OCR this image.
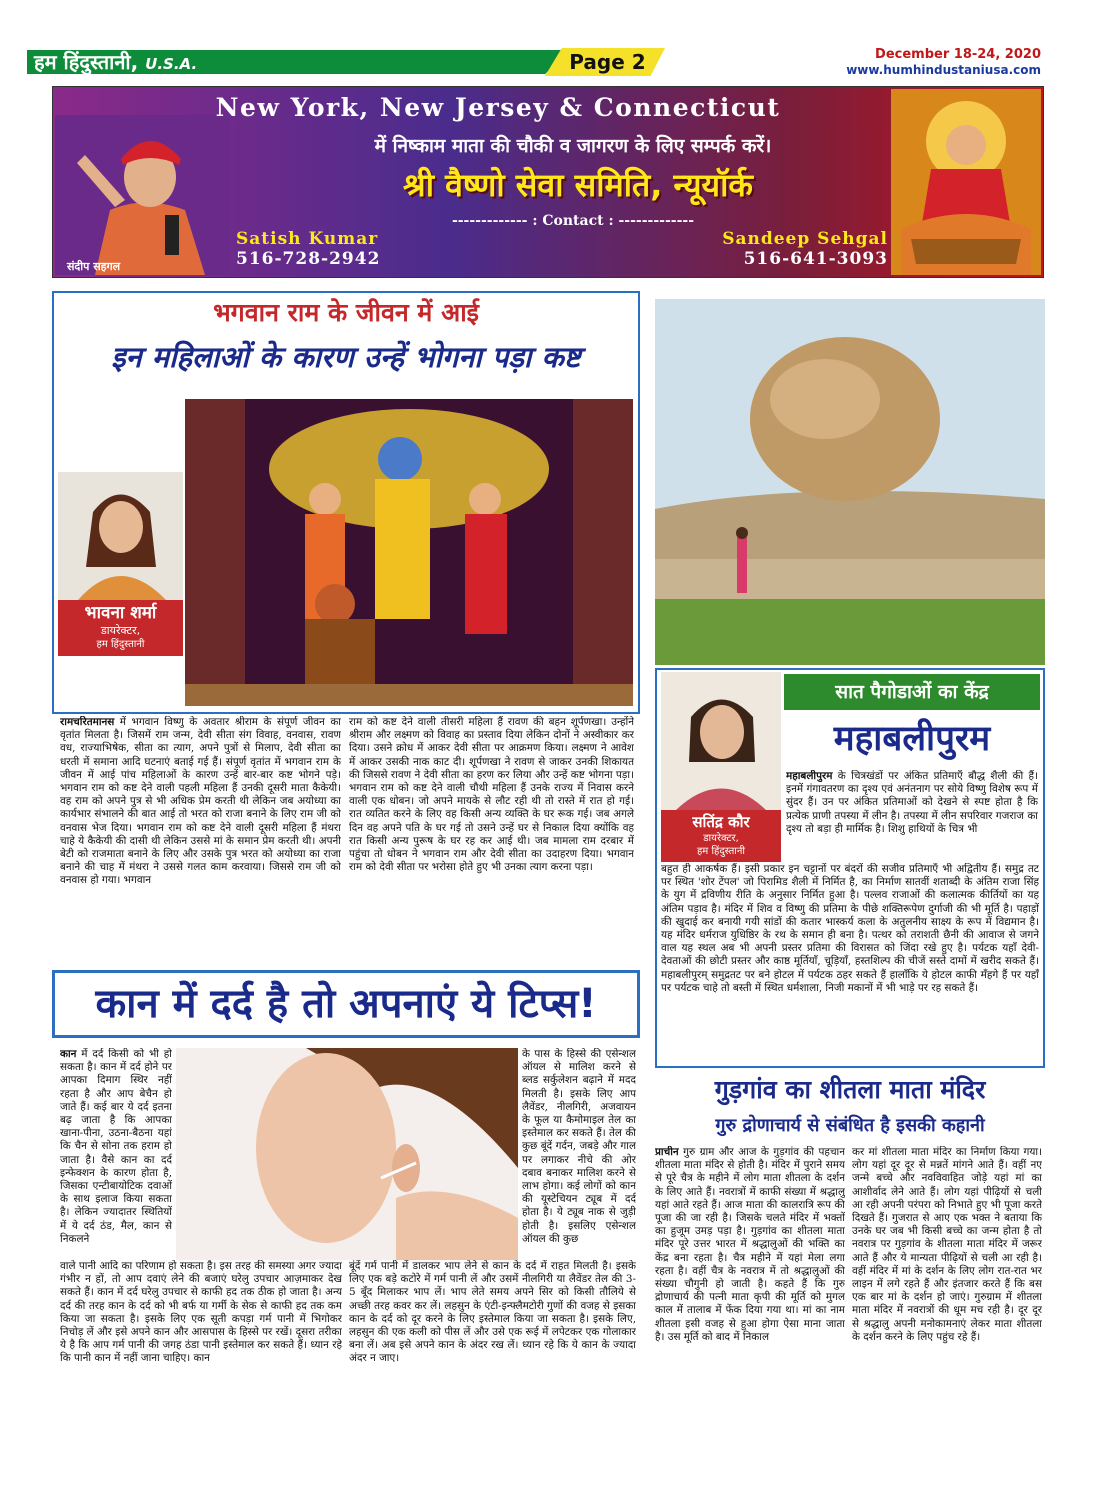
हम हिंदुस्तानी, U.S.A.	Page 2	December 18-24, 2020
www.humhindustaniusa.com
संदीप सहगल
New York, New Jersey & Connecticut
में निष्काम माता की चौकी व जागरण के लिए सम्पर्क करें।
श्री वैष्णो सेवा समिति, न्यूयॉर्क
------------- : Contact : -------------
Satish Kumar
516-728-2942
Sandeep Sehgal
516-641-3093
भगवान राम के जीवन में आई
इन महिलाओं के कारण उन्हें भोगना पड़ा कष्ट
भावना शर्मा
डायरेक्टर,
हम हिंदुस्तानी
रामचरितमानस में भगवान विष्णु के अवतार श्रीराम के संपूर्ण जीवन का वृतांत मिलता है। जिसमें राम जन्म, देवी सीता संग विवाह, वनवास, रावण वध, राज्याभिषेक, सीता का त्याग, अपने पुत्रों से मिलाप, देवी सीता का धरती में समाना आदि घटनाएं बताई गई हैं। संपूर्ण वृतांत में भगवान राम के जीवन में आई पांच महिलाओं के कारण उन्हें बार-बार कष्ट भोगने पड़े। भगवान राम को कष्ट देने वाली पहली महिला हैं उनकी दूसरी माता कैकेयी। वह राम को अपने पुत्र से भी अधिक प्रेम करती थी लेकिन जब अयोध्या का कार्यभार संभालने की बात आई तो भरत को राजा बनाने के लिए राम जी को वनवास भेज दिया। भगवान राम को कष्ट देने वाली दूसरी महिला हैं मंथरा चाहे ये कैकेयी की दासी थी लेकिन उससे मां के समान प्रेम करती थी। अपनी बेटी को राजमाता बनाने के लिए और उसके पुत्र भरत को अयोध्या का राजा बनाने की चाह में मंथरा ने उससे गलत काम करवाया। जिससे राम जी को वनवास हो गया। भगवान
राम को कष्ट देने वाली तीसरी महिला हैं रावण की बहन शूर्पणखा। उन्होंने श्रीराम और लक्ष्मण को विवाह का प्रस्ताव दिया लेकिन दोनों ने अस्वीकार कर दिया। उसने क्रोध में आकर देवी सीता पर आक्रमण किया। लक्ष्मण ने आवेश में आकर उसकी नाक काट दी। शूर्पणखा ने रावण से जाकर उनकी शिकायत की जिससे रावण ने देवी सीता का हरण कर लिया और उन्हें कष्ट भोगना पड़ा। भगवान राम को कष्ट देने वाली चौथी महिला हैं उनके राज्य में निवास करने वाली एक धोबन। जो अपने मायके से लौट रही थी तो रास्ते में रात हो गई। रात व्यतित करने के लिए वह किसी अन्य व्यक्ति के घर रूक गई। जब अगले दिन वह अपने पति के घर गई तो उसने उन्हें घर से निकाल दिया क्योंकि वह रात किसी अन्य पुरूष के घर रह कर आई थी। जब मामला राम दरबार में पहुंचा तो धोबन ने भगवान राम और देवी सीता का उदाहरण दिया। भगवान राम को देवी सीता पर भरोसा होते हुए भी उनका त्याग करना पड़ा।
कान में दर्द है तो अपनाएं ये टिप्स!
कान में दर्द किसी को भी हो सकता है। कान में दर्द होने पर आपका दिमाग स्थिर नहीं रहता है और आप बेचैन हो जाते हैं। कई बार ये दर्द इतना बढ़ जाता है कि आपका खाना-पीना, उठना-बैठना यहां कि चैन से सोना तक हराम हो जाता है। वैसे कान का दर्द इन्फेक्शन के कारण होता है, जिसका एन्टीबायोटिक दवाओं के साथ इलाज किया सकता है। लेकिन ज्यादातर स्थितियों में ये दर्द ठंड, मैल, कान से निकलने
के पास के हिस्से की एसेन्शल ऑयल से मालिश करने से ब्लड सर्कुलेशन बढ़ाने में मदद मिलती है। इसके लिए आप लैवेंडर, नीलगिरी, अजवायन के फूल या कैमोमाइल तेल का इस्तेमाल कर सकते हैं। तेल की कुछ बूंदें गर्दन, जबड़े और गाल पर लगाकर नीचे की ओर दबाव बनाकर मालिश करने से लाभ होगा। कई लोगों को कान की यूस्टेचियन ट्यूब में दर्द होता है। ये ट्यूब नाक से जुड़ी होती है। इसलिए एसेन्शल ऑयल की कुछ
वाले पानी आदि का परिणाम हो सकता है। इस तरह की समस्या अगर ज्यादा गंभीर न हों, तो आप दवाएं लेने की बजाएं घरेलु उपचार आज़माकर देख सकते हैं। कान में दर्द घरेलु उपचार से काफी हद तक ठीक हो जाता है। अन्य दर्द की तरह कान के दर्द को भी बर्फ या गर्मी के सेक से काफी हद तक कम किया जा सकता है। इसके लिए एक सूती कपड़ा गर्म पानी में भिगोकर निचोड़ लें और इसे अपने कान और आसपास के हिस्से पर रखें। दूसरा तरीका ये है कि आप गर्म पानी की जगह ठंडा पानी इस्तेमाल कर सकते हैं। ध्यान रहे कि पानी कान में नहीं जाना चाहिए। कान
बूंदें गर्म पानी में डालकर भाप लेने से कान के दर्द में राहत मिलती है। इसके लिए एक बड़े कटोरे में गर्म पानी लें और उसमें नीलगिरी या लैवेंडर तेल की 3-5 बूँद मिलाकर भाप लें। भाप लेते समय अपने सिर को किसी तौलिये से अच्छी तरह कवर कर लें। लहसुन के एंटी-इन्फ्लैमटोरी गुणों की वजह से इसका कान के दर्द को दूर करने के लिए इस्तेमाल किया जा सकता है। इसके लिए, लहसुन की एक कली को पीस लें और उसे एक रूई में लपेटकर एक गोलाकार बना लें। अब इसे अपने कान के अंदर रख लें। ध्यान रहे कि ये कान के ज्यादा अंदर न जाए।
सतिंद्र कौर
डायरेक्टर,
हम हिंदुस्तानी
सात पैगोडाओं का केंद्र
महाबलीपुरम
महाबलीपुरम के चित्रखंडों पर अंकित प्रतिमाएँ बौद्ध शैली की हैं। इनमें गंगावतरण का दृश्य एवं अनंतनाग पर सोये विष्णु विशेष रूप में सुंदर हैं। उन पर अंकित प्रतिमाओं को देखने से स्पष्ट होता है कि प्रत्येक प्राणी तपस्या में लीन है। तपस्या में लीन सपरिवार गजराज का दृश्य तो बड़ा ही मार्मिक है। शिशु हाथियों के चित्र भी
बहुत ही आकर्षक हैं। इसी प्रकार इन चट्टानों पर बंदरों की सजीव प्रतिमाएँ भी अद्वितीय हैं। समुद्र तट पर स्थित 'शोर टेंपल' जो पिरामिड शैली में निर्मित है, का निर्माण सातवीं शताब्दी के अंतिम राजा सिंह के युग में द्रविणीय रीति के अनुसार निर्मित हुआ है। पल्लव राजाओं की कलात्मक कीर्तियों का यह अंतिम पड़ाव है। मंदिर में शिव व विष्णु की प्रतिमा के पीछे शक्तिरूपेण दुर्गाजी की भी मूर्ति है। पहाड़ों की खुदाई कर बनायी गयी सांडों की कतार भास्कर्य कला के अतुलनीय साक्ष्य के रूप में विद्यमान है। यह मंदिर धर्मराज युधिष्ठिर के रथ के समान ही बना है। पत्थर को तराशती छैनी की आवाज से जगने वाल यह स्थल अब भी अपनी प्रस्तर प्रतिमा की विरासत को जिंदा रखे हुए है। पर्यटक यहाँ देवी-देवताओं की छोटी प्रस्तर और काष्ठ मूर्तियाँ, चूड़ियाँ, हस्तशिल्प की चीजें सस्ते दामों में खरीद सकते हैं। महाबलीपुरम् समुद्रतट पर बने होटल में पर्यटक ठहर सकते हैं हालाँकि ये होटल काफी मँहगे हैं पर यहाँ पर पर्यटक चाहे तो बस्ती में स्थित धर्मशाला, निजी मकानों में भी भाड़े पर रह सकते हैं।
गुड़गांव का शीतला माता मंदिर
गुरु द्रोणाचार्य से संबंधित है इसकी कहानी
प्राचीन गुरु ग्राम और आज के गुड़गांव की पहचान शीतला माता मंदिर से होती है। मंदिर में पुराने समय से पूरे चैत्र के महीने में लोग माता शीतला के दर्शन के लिए आते हैं। नवरात्रों में काफी संख्या में श्रद्धालु यहां आते रहते हैं। आज माता की कालरात्रि रूप की पूजा की जा रही है। जिसके चलते मंदिर में भक्तों का हुजूम उमड़ पड़ा है। गुड़गांव का शीतला माता मंदिर पूरे उत्तर भारत में श्रद्धालुओं की भक्ति का केंद्र बना रहता है। चैत्र महीने में यहां मेला लगा रहता है। वहीं चैत्र के नवरात्र में तो श्रद्धालुओं की संख्या चौगुनी हो जाती है। कहते हैं कि गुरु द्रोणाचार्य की पत्नी माता कृपी की मूर्ति को मुगल काल में तालाब में फेंक दिया गया था। मां का नाम शीतला इसी वजह से हुआ होगा ऐसा माना जाता है। उस मूर्ति को बाद में निकाल
कर मां शीतला माता मंदिर का निर्माण किया गया। लोग यहां दूर दूर से मन्नतें मांगने आते हैं। वहीं नए जन्मे बच्चे और नवविवाहित जोड़े यहां मां का आशीर्वाद लेने आते हैं। लोग यहां पीढ़ियों से चली आ रही अपनी परंपरा को निभाते हुए भी पूजा करते दिखते हैं। गुजरात से आए एक भक्त ने बताया कि उनके घर जब भी किसी बच्चे का जन्म होता है तो नवरात्र पर गुड़गांव के शीतला माता मंदिर में जरूर आते हैं और ये मान्यता पीढ़ियों से चली आ रही है। वहीं मंदिर में मां के दर्शन के लिए लोग रात-रात भर लाइन में लगे रहते हैं और इंतजार करते हैं कि बस एक बार मां के दर्शन हो जाएं। गुरुग्राम में शीतला माता मंदिर में नवरात्रों की धूम मच रही है। दूर दूर से श्रद्धालु अपनी मनोकामनाएं लेकर माता शीतला के दर्शन करने के लिए पहुंच रहे हैं।
